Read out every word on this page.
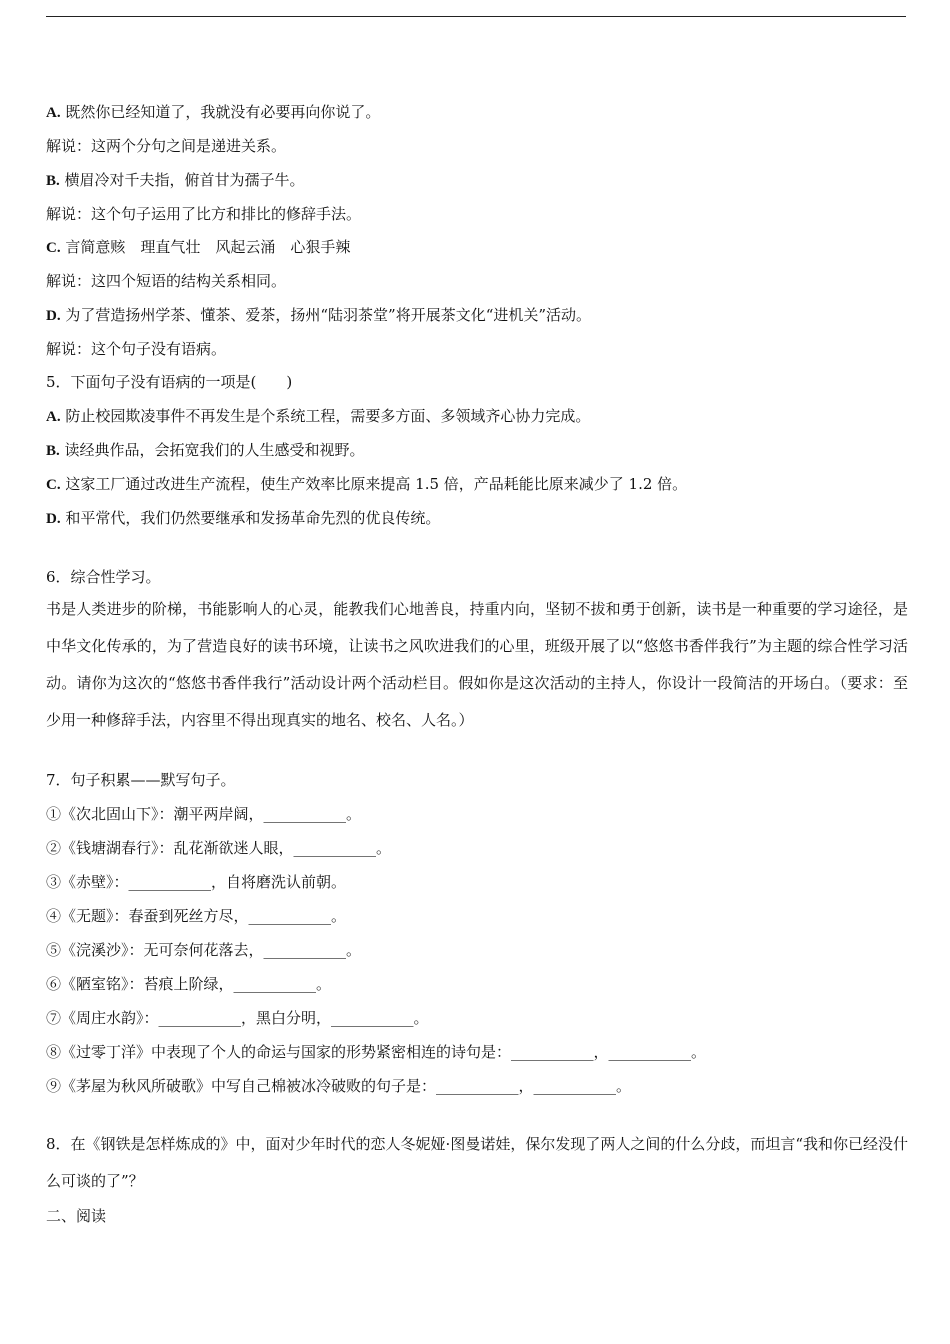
A. 既然你已经知道了，我就没有必要再向你说了。
解说：这两个分句之间是递进关系。
B. 横眉冷对千夫指，俯首甘为孺子牛。
解说：这个句子运用了比方和排比的修辞手法。
C. 言简意赅　理直气壮　风起云涌　心狠手辣
解说：这四个短语的结构关系相同。
D. 为了营造扬州学茶、懂茶、爱茶，扬州“陆羽茶堂”将开展茶文化“进机关”活动。
解说：这个句子没有语病。
5．下面句子没有语病的一项是(　　)
A. 防止校园欺凌事件不再发生是个系统工程，需要多方面、多领域齐心协力完成。
B. 读经典作品，会拓宽我们的人生感受和视野。
C. 这家工厂通过改进生产流程，使生产效率比原来提高 1.5 倍，产品耗能比原来减少了 1.2 倍。
D. 和平常代，我们仍然要继承和发扬革命先烈的优良传统。
6．综合性学习。
书是人类进步的阶梯，书能影响人的心灵，能教我们心地善良，持重内向，坚韧不拔和勇于创新，读书是一种重要的学习途径，是中华文化传承的，为了营造良好的读书环境，让读书之风吹进我们的心里，班级开展了以“悠悠书香伴我行”为主题的综合性学习活动。请你为这次的“悠悠书香伴我行”活动设计两个活动栏目。假如你是这次活动的主持人，你设计一段简洁的开场白。（要求：至少用一种修辞手法，内容里不得出现真实的地名、校名、人名。）
7．句子积累——默写句子。
①《次北固山下》：潮平两岸阔，___________。
②《钱塘湖春行》：乱花渐欲迷人眼，___________。
③《赤壁》：___________，自将磨洗认前朝。
④《无题》：春蚕到死丝方尽，___________。
⑤《浣溪沙》：无可奈何花落去，___________。
⑥《陋室铭》：苔痕上阶绿，___________。
⑦《周庄水韵》：___________，黑白分明，___________。
⑧《过零丁洋》中表现了个人的命运与国家的形势紧密相连的诗句是：___________，___________。
⑨《茅屋为秋风所破歌》中写自己棉被冰冷破败的句子是：___________，___________。
8．在《钢铁是怎样炼成的》中，面对少年时代的恋人冬妮娅·图曼诺娃，保尔发现了两人之间的什么分歧，而坦言“我和你已经没什么可谈的了”？
二、阅读
